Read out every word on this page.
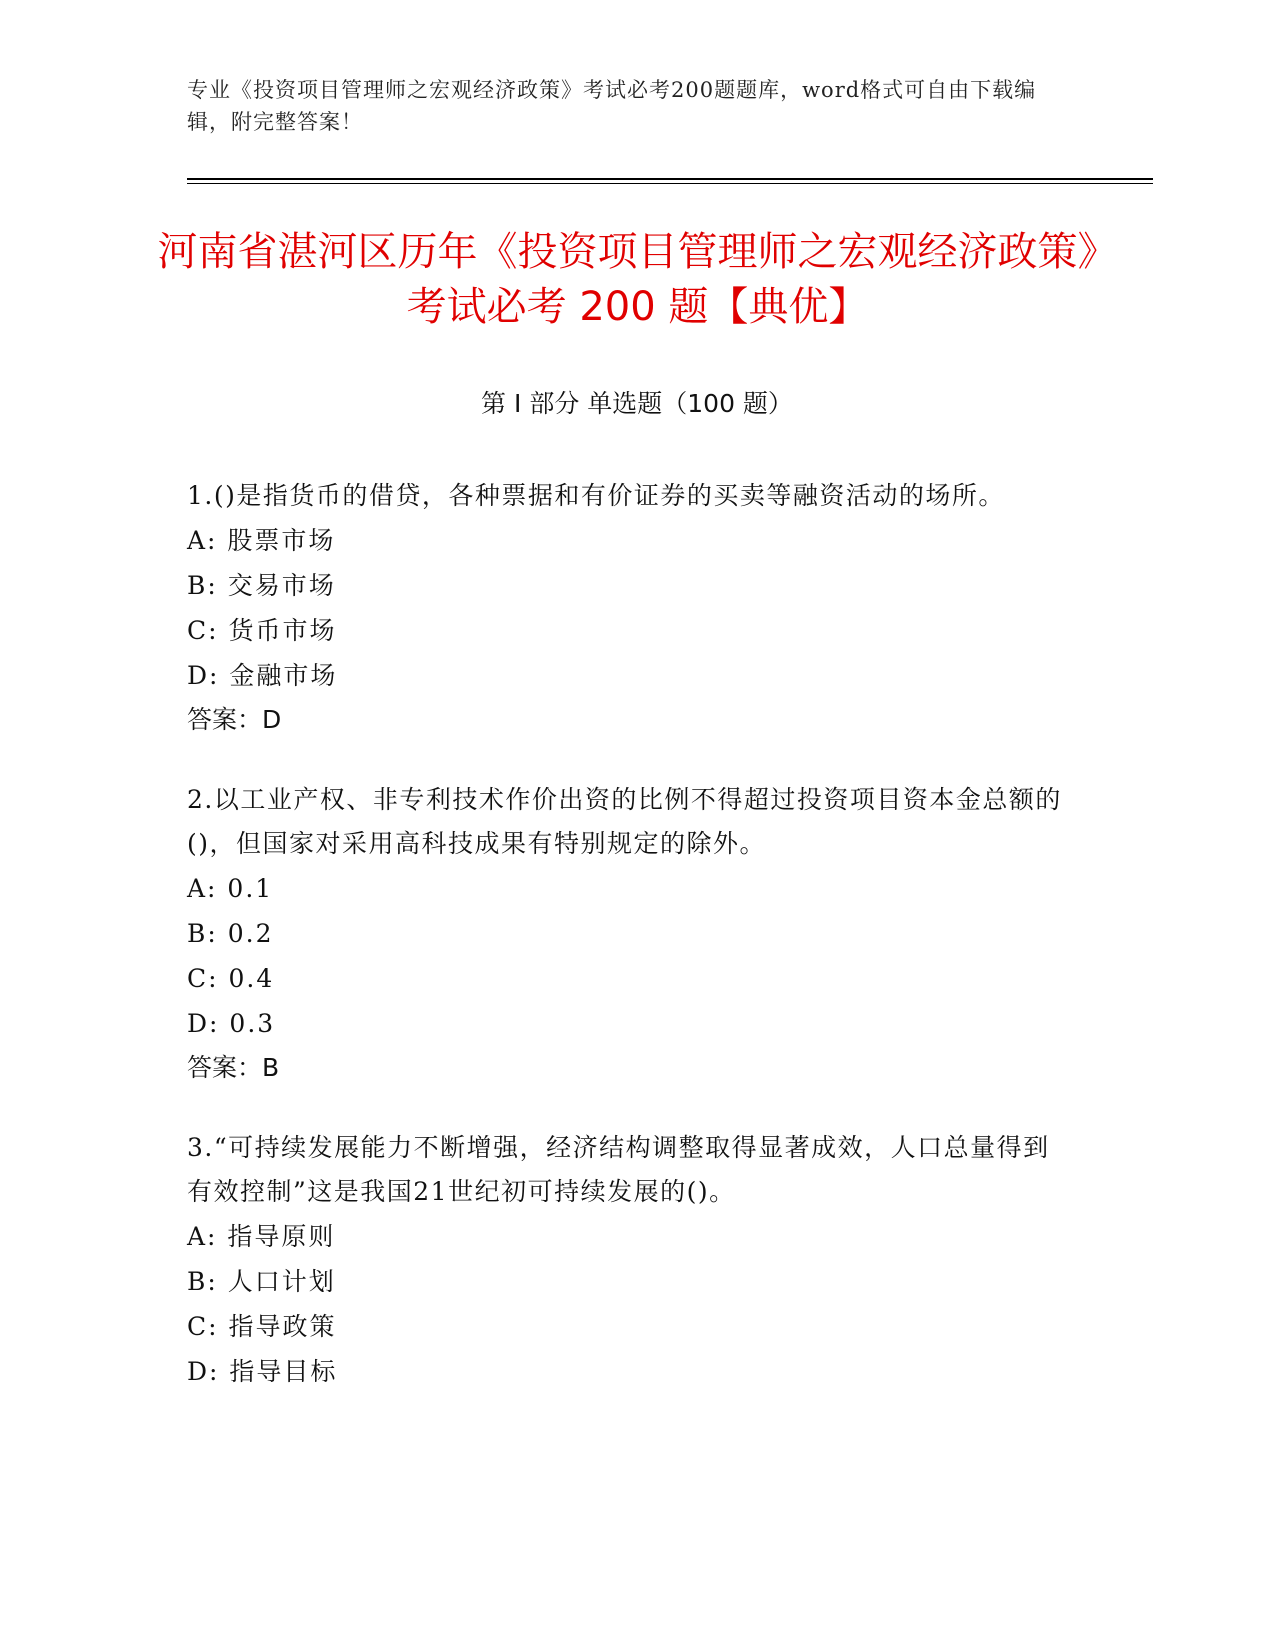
专业《投资项目管理师之宏观经济政策》考试必考200题题库，word格式可自由下载编辑，附完整答案！
河南省湛河区历年《投资项目管理师之宏观经济政策》考试必考 200 题【典优】
第 I 部分 单选题（100 题）

1.()是指货币的借贷，各种票据和有价证券的买卖等融资活动的场所。

A: 股票市场

B: 交易市场

C: 货币市场

D: 金融市场

答案：D

2.以工业产权、非专利技术作价出资的比例不得超过投资项目资本金总额的()，但国家对采用高科技成果有特别规定的除外。

A: 0.1

B: 0.2

C: 0.4

D: 0.3

答案：B

3.“可持续发展能力不断增强，经济结构调整取得显著成效，人口总量得到有效控制”这是我国21世纪初可持续发展的()。

A: 指导原则

B: 人口计划

C: 指导政策

D: 指导目标
